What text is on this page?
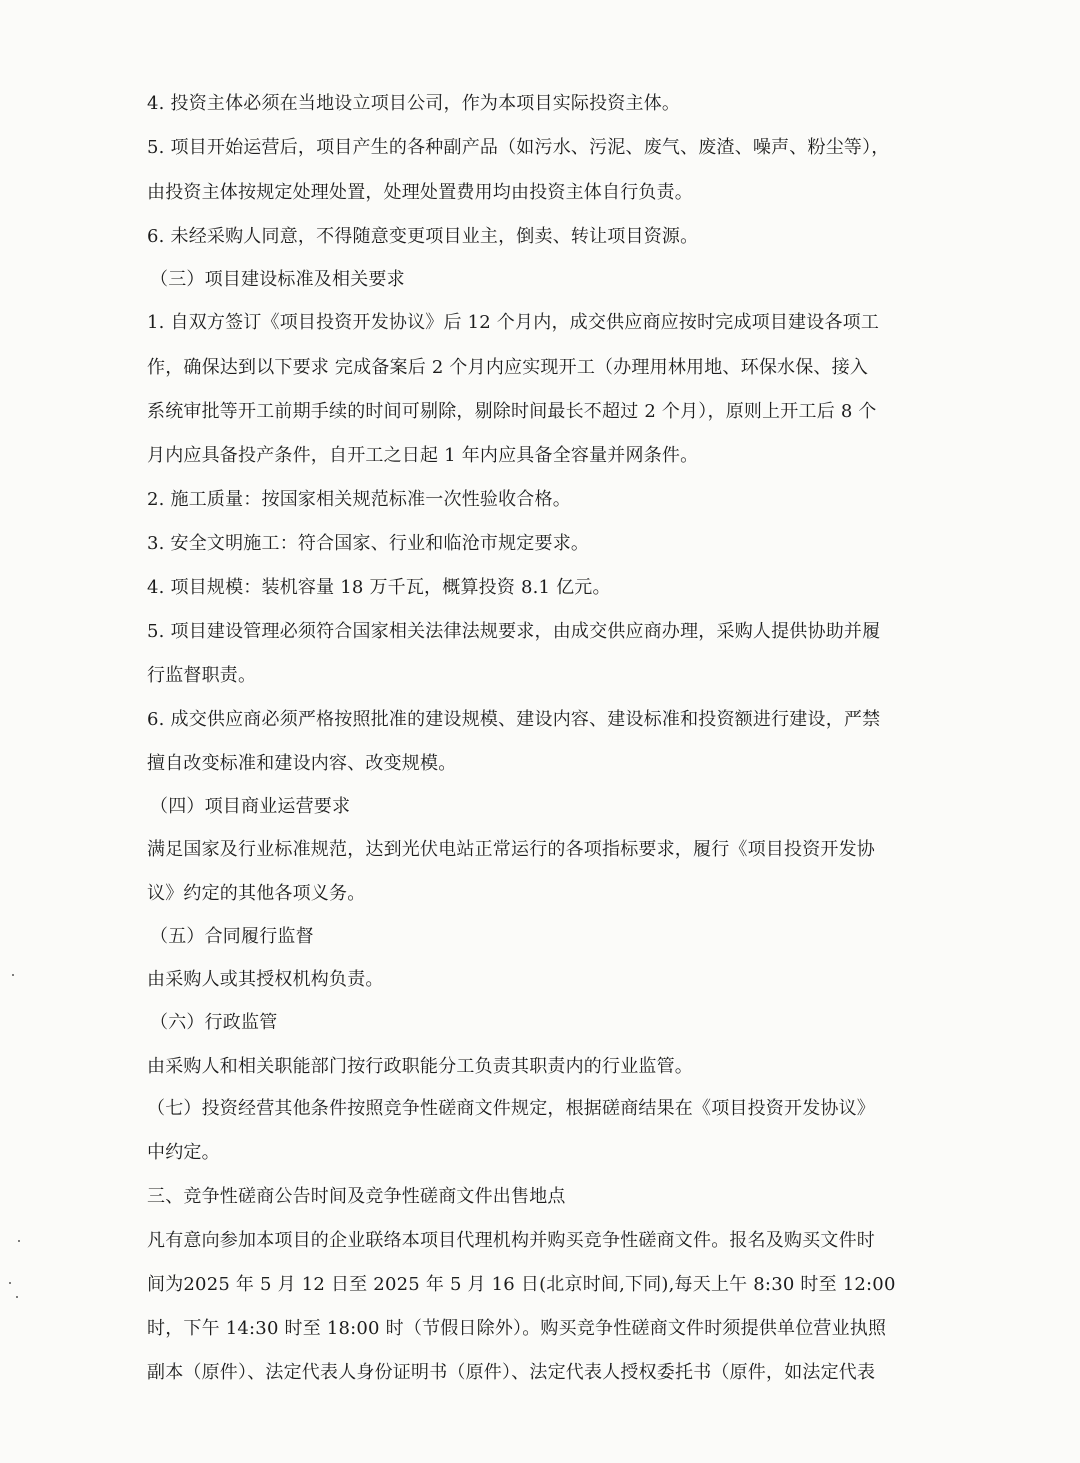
4. 投资主体必须在当地设立项目公司，作为本项目实际投资主体。
5. 项目开始运营后，项目产生的各种副产品（如污水、污泥、废气、废渣、噪声、粉尘等），
由投资主体按规定处理处置，处理处置费用均由投资主体自行负责。
6. 未经采购人同意，不得随意变更项目业主，倒卖、转让项目资源。
（三）项目建设标准及相关要求
1. 自双方签订《项目投资开发协议》后 12 个月内，成交供应商应按时完成项目建设各项工
作，确保达到以下要求 完成备案后 2 个月内应实现开工（办理用林用地、环保水保、接入
系统审批等开工前期手续的时间可剔除，剔除时间最长不超过 2 个月），原则上开工后 8 个
月内应具备投产条件，自开工之日起 1 年内应具备全容量并网条件。
2. 施工质量：按国家相关规范标准一次性验收合格。
3. 安全文明施工：符合国家、行业和临沧市规定要求。
4. 项目规模：装机容量 18 万千瓦，概算投资 8.1 亿元。
5. 项目建设管理必须符合国家相关法律法规要求，由成交供应商办理，采购人提供协助并履
行监督职责。
6. 成交供应商必须严格按照批准的建设规模、建设内容、建设标准和投资额进行建设，严禁
擅自改变标准和建设内容、改变规模。
（四）项目商业运营要求
满足国家及行业标准规范，达到光伏电站正常运行的各项指标要求，履行《项目投资开发协
议》约定的其他各项义务。
（五）合同履行监督
由采购人或其授权机构负责。
（六）行政监管
由采购人和相关职能部门按行政职能分工负责其职责内的行业监管。
（七）投资经营其他条件按照竞争性磋商文件规定，根据磋商结果在《项目投资开发协议》
中约定。
三、竞争性磋商公告时间及竞争性磋商文件出售地点
凡有意向参加本项目的企业联络本项目代理机构并购买竞争性磋商文件。报名及购买文件时
间为2025 年 5 月 12 日至 2025 年 5 月 16 日(北京时间,下同),每天上午 8:30 时至 12:00
时，下午 14:30 时至 18:00 时（节假日除外）。购买竞争性磋商文件时须提供单位营业执照
副本（原件）、法定代表人身份证明书（原件）、法定代表人授权委托书（原件，如法定代表
